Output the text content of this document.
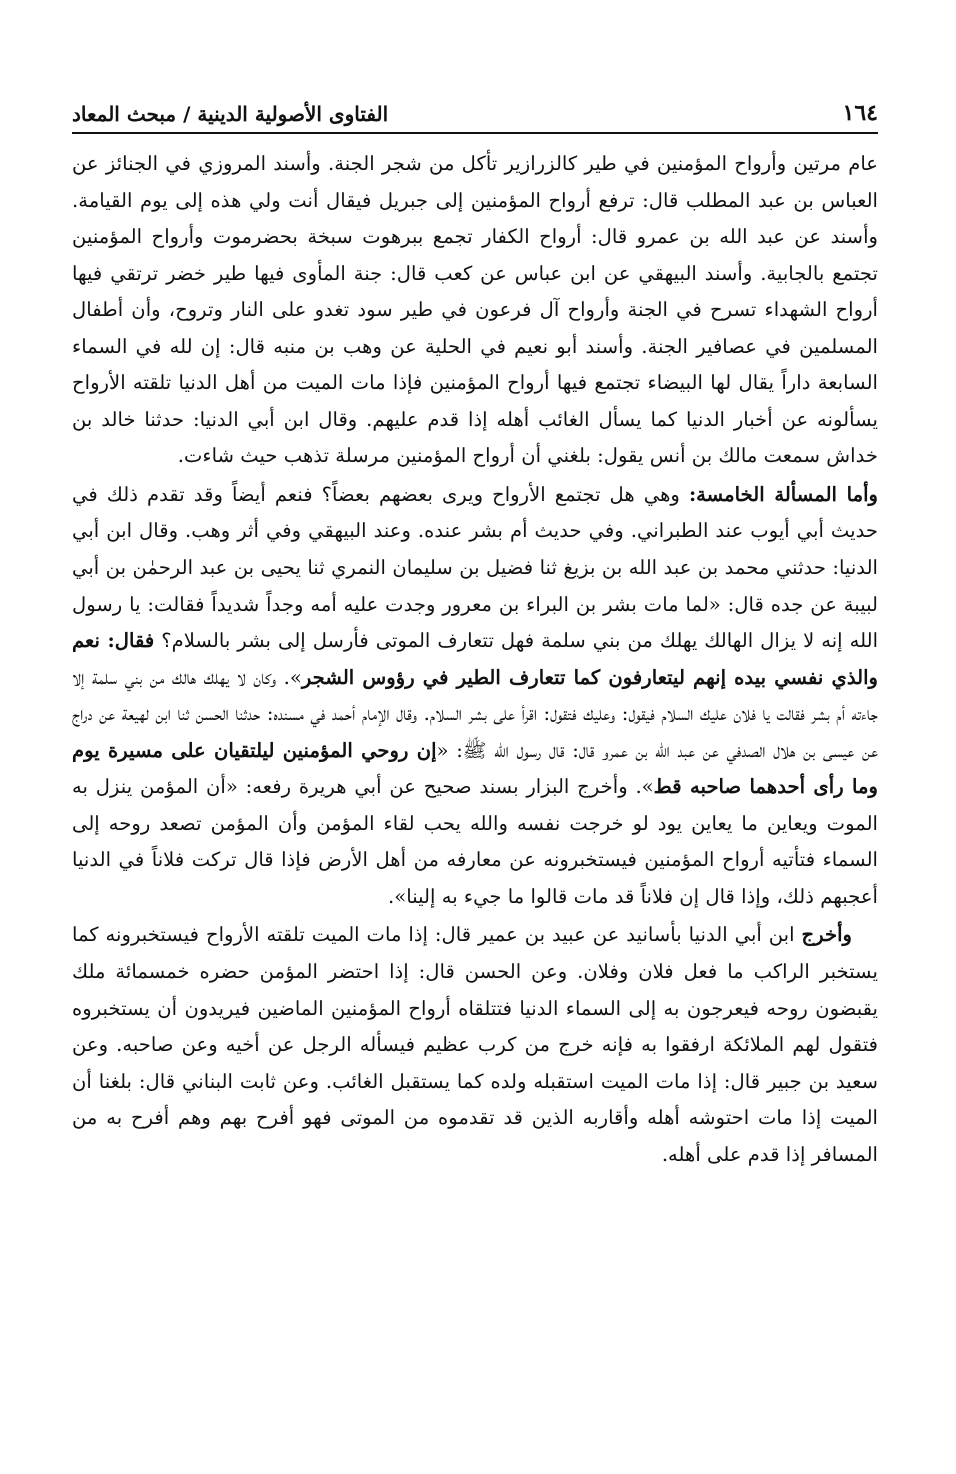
١٦٤
الفتاوى الأصولية الدينية / مبحث المعاد

عام مرتين وأرواح المؤمنين في طير كالزرازير تأكل من شجر الجنة. وأسند المروزي في الجنائز عن العباس بن عبد المطلب قال: ترفع أرواح المؤمنين إلى جبريل فيقال أنت ولي هذه إلى يوم القيامة. وأسند عن عبد الله بن عمرو قال: أرواح الكفار تجمع ببرهوت سبخة بحضرموت وأرواح المؤمنين تجتمع بالجابية. وأسند البيهقي عن ابن عباس عن كعب قال: جنة المأوى فيها طير خضر ترتقي فيها أرواح الشهداء تسرح في الجنة وأرواح آل فرعون في طير سود تغدو على النار وتروح، وأن أطفال المسلمين في عصافير الجنة. وأسند أبو نعيم في الحلية عن وهب بن منبه قال: إن لله في السماء السابعة داراً يقال لها البيضاء تجتمع فيها أرواح المؤمنين فإذا مات الميت من أهل الدنيا تلقته الأرواح يسألونه عن أخبار الدنيا كما يسأل الغائب أهله إذا قدم عليهم. وقال ابن أبي الدنيا: حدثنا خالد بن خداش سمعت مالك بن أنس يقول: بلغني أن أرواح المؤمنين مرسلة تذهب حيث شاءت.

وأما المسألة الخامسة: وهي هل تجتمع الأرواح ويرى بعضهم بعضاً؟ فنعم أيضاً وقد تقدم ذلك في حديث أبي أيوب عند الطبراني. وفي حديث أم بشر عنده. وعند البيهقي وفي أثر وهب. وقال ابن أبي الدنيا: حدثني محمد بن عبد الله بن بزيغ ثنا فضيل بن سليمان النمري ثنا يحيى بن عبد الرحمٰن بن أبي لبيبة عن جده قال: «لما مات بشر بن البراء بن معرور وجدت عليه أمه وجداً شديداً فقالت: يا رسول الله إنه لا يزال الهالك يهلك من بني سلمة فهل تتعارف الموتى فأرسل إلى بشر بالسلام؟ فقال: نعم والذي نفسي بيده إنهم ليتعارفون كما تتعارف الطير في رؤوس الشجر». وكان لا يهلك هالك من بني سلمة إلا جاءته أم بشر فقالت يا فلان عليك السلام فيقول: وعليك فتقول: اقرأ على بشر السلام. وقال الإمام أحمد في مسنده: حدثنا الحسن ثنا ابن لهيعة عن دراج عن عيسى بن هلال الصدفي عن عبد الله بن عمرو قال: قال رسول الله ﷺ: «إن روحي المؤمنين ليلتقيان على مسيرة يوم وما رأى أحدهما صاحبه قط». وأخرج البزار بسند صحيح عن أبي هريرة رفعه: «أن المؤمن ينزل به الموت ويعاين ما يعاين يود لو خرجت نفسه والله يحب لقاء المؤمن وأن المؤمن تصعد روحه إلى السماء فتأتيه أرواح المؤمنين فيستخبرونه عن معارفه من أهل الأرض فإذا قال تركت فلاناً في الدنيا أعجبهم ذلك، وإذا قال إن فلاناً قد مات قالوا ما جيء به إلينا».

وأخرج ابن أبي الدنيا بأسانيد عن عبيد بن عمير قال: إذا مات الميت تلقته الأرواح فيستخبرونه كما يستخبر الراكب ما فعل فلان وفلان. وعن الحسن قال: إذا احتضر المؤمن حضره خمسمائة ملك يقبضون روحه فيعرجون به إلى السماء الدنيا فتتلقاه أرواح المؤمنين الماضين فيريدون أن يستخبروه فتقول لهم الملائكة ارفقوا به فإنه خرج من كرب عظيم فيسأله الرجل عن أخيه وعن صاحبه. وعن سعيد بن جبير قال: إذا مات الميت استقبله ولده كما يستقبل الغائب. وعن ثابت البناني قال: بلغنا أن الميت إذا مات احتوشه أهله وأقاربه الذين قد تقدموه من الموتى فهو أفرح بهم وهم أفرح به من المسافر إذا قدم على أهله.
